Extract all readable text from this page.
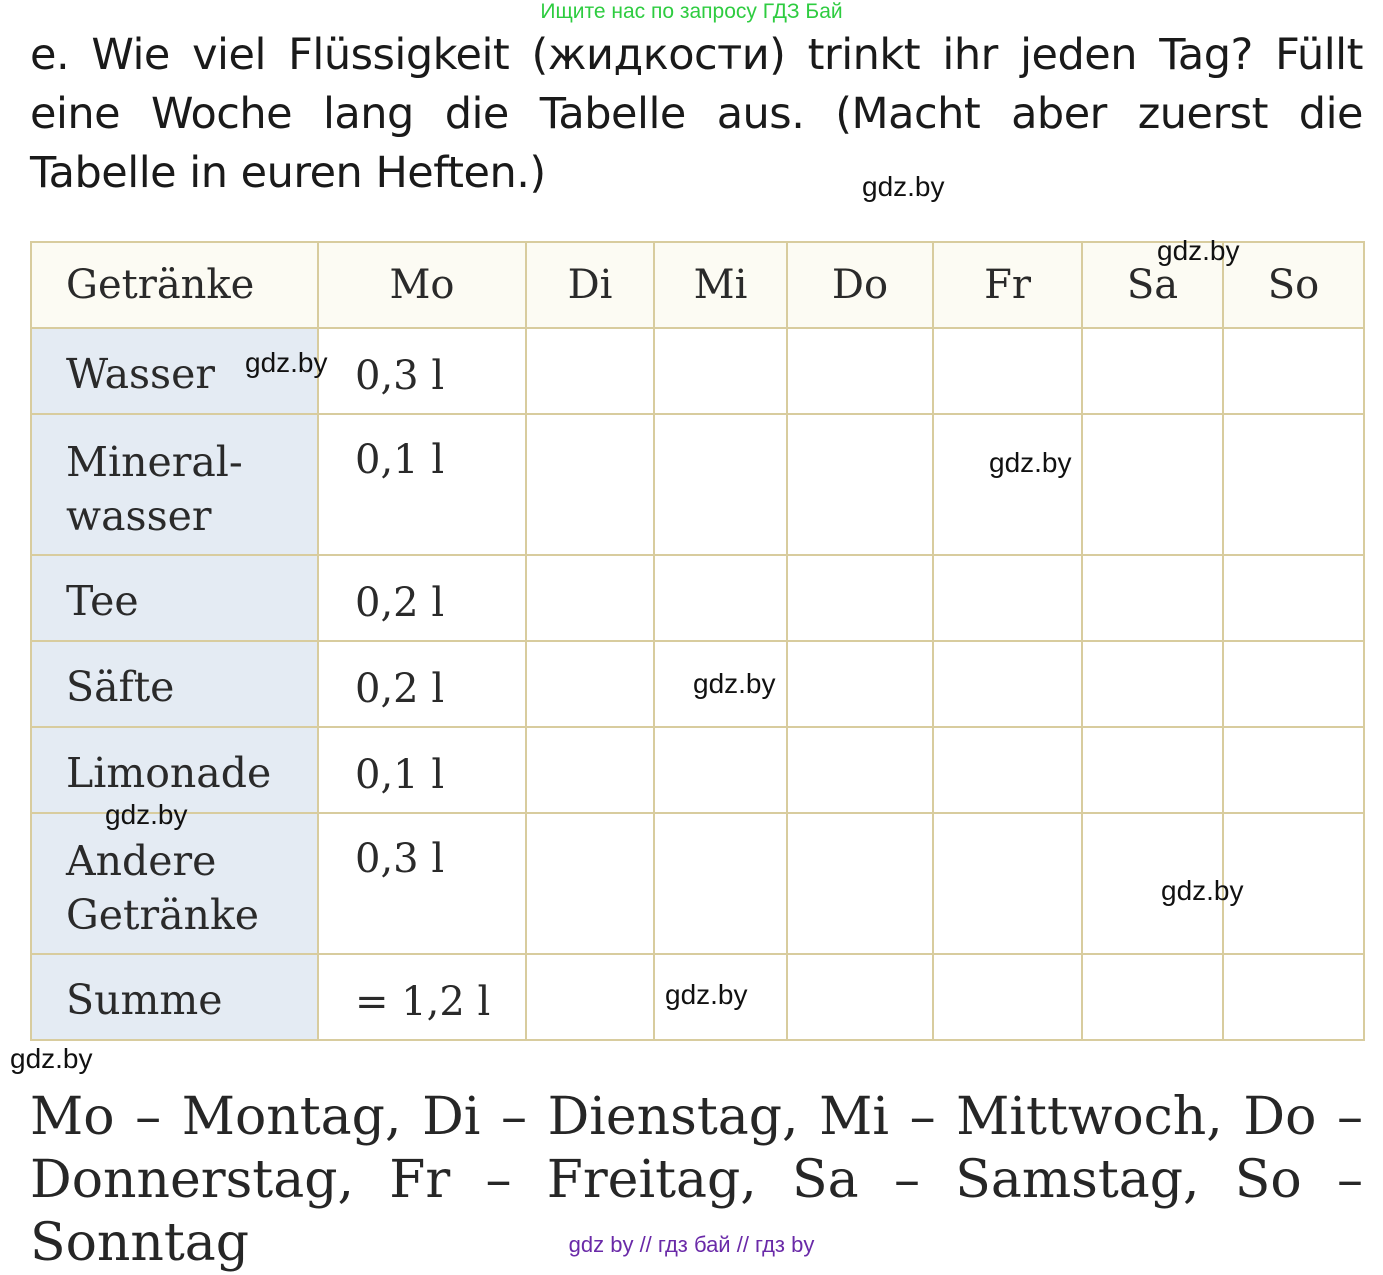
Ищите нас по запросу ГДЗ Бай
e. Wie viel Flüssigkeit (жидкости) trinkt ihr jeden Tag? Füllt eine Woche lang die Tabelle aus. (Macht aber zuerst die Tabelle in euren Heften.)
Getränke	Mo	Di	Mi	Do	Fr	Sa	So
Wasser	0,3 l						
Mineral-
wasser	0,1 l						
Tee	0,2 l						
Säfte	0,2 l						
Limonade	0,1 l						
Andere
Getränke	0,3 l						
Summe	= 1,2 l						
Mo – Montag, Di – Dienstag, Mi – Mittwoch, Do – Donnerstag, Fr – Freitag, Sa – Samstag, So – Sonntag
gdz.by
gdz.by
gdz.by
gdz.by
gdz.by
gdz.by
gdz.by
gdz.by
gdz.by
gdz by // гдз бай // гдз by
